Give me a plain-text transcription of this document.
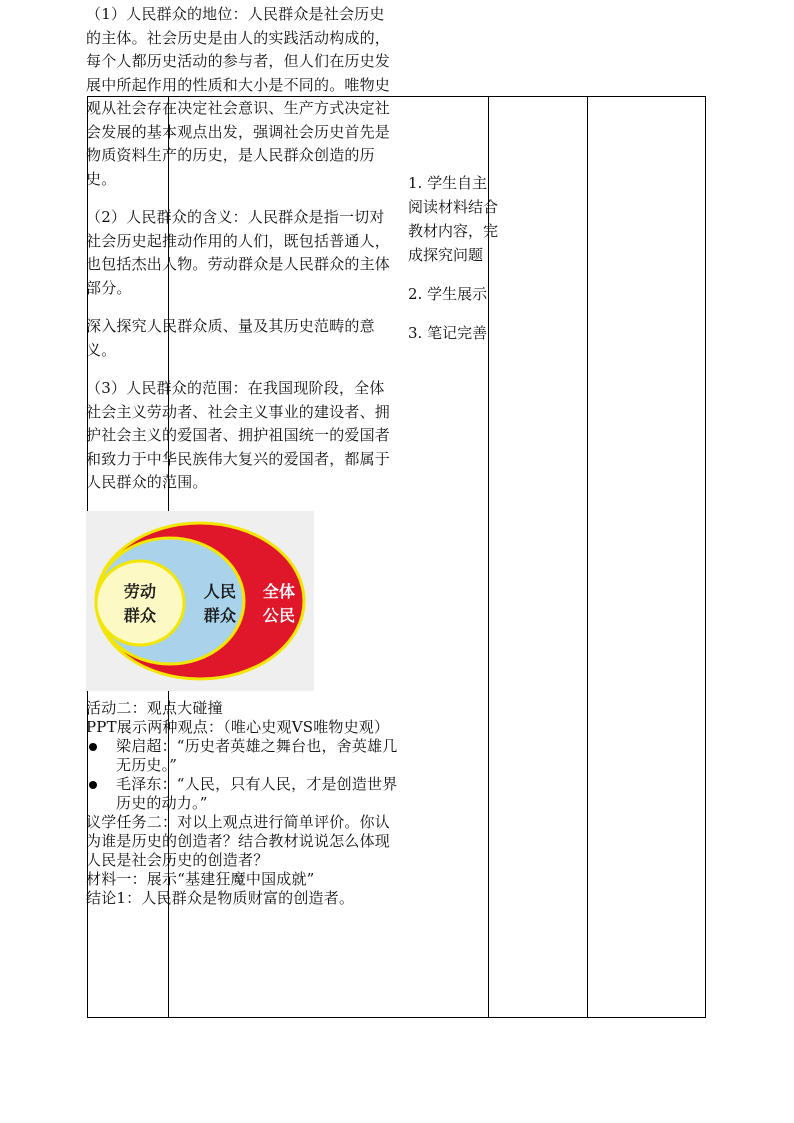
（1）人民群众的地位：人民群众是社会历史的主体。社会历史是由人的实践活动构成的，每个人都历史活动的参与者，但人们在历史发展中所起作用的性质和大小是不同的。唯物史观从社会存在决定社会意识、生产方式决定社会发展的基本观点出发，强调社会历史首先是物质资料生产的历史，是人民群众创造的历史。

（2）人民群众的含义：人民群众是指一切对社会历史起推动作用的人们，既包括普通人，也包括杰出人物。劳动群众是人民群众的主体部分。

深入探究人民群众质、量及其历史范畴的意义。

（3）人民群众的范围：在我国现阶段，全体社会主义劳动者、社会主义事业的建设者、拥护社会主义的爱国者、拥护祖国统一的爱国者和致力于中华民族伟大复兴的爱国者，都属于人民群众的范围。

劳动
群众
人民
群众
全体
公民

活动二：观点大碰撞

PPT展示两种观点：（唯心史观VS唯物史观）

梁启超：“历史者英雄之舞台也，舍英雄几无历史。”

毛泽东：“人民，只有人民，才是创造世界历史的动力。”

议学任务二：对以上观点进行简单评价。你认为谁是历史的创造者？结合教材说说怎么体现人民是社会历史的创造者？

材料一：展示“基建狂魔中国成就”

结论1：人民群众是物质财富的创造者。

1. 学生自主阅读材料结合教材内容，完成探究问题

2. 学生展示

3. 笔记完善
